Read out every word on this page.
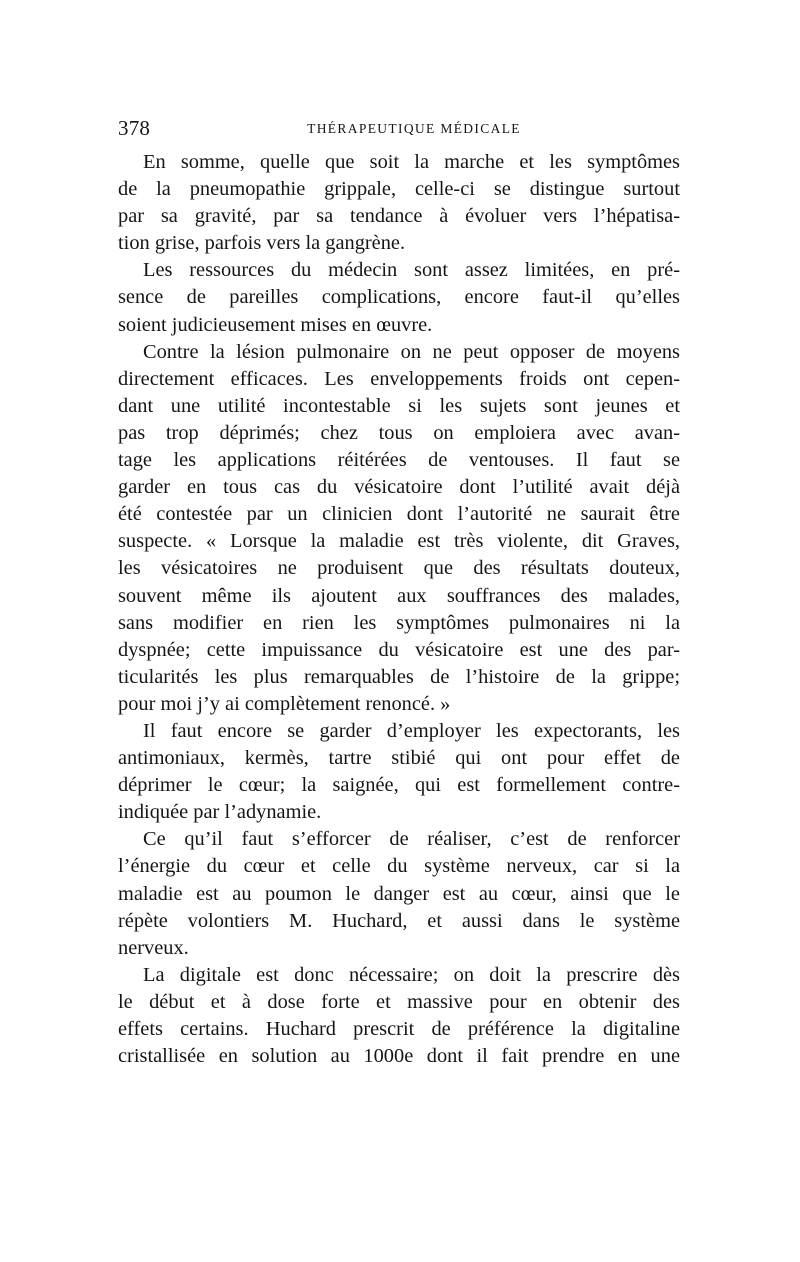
378	THÉRAPEUTIQUE MÉDICALE
En somme, quelle que soit la marche et les symptômes
de la pneumopathie grippale, celle-ci se distingue surtout
par sa gravité, par sa tendance à évoluer vers l’hépatisa-
tion grise, parfois vers la gangrène.
Les ressources du médecin sont assez limitées, en pré-
sence de pareilles complications, encore faut-il qu’elles
soient judicieusement mises en œuvre.
Contre la lésion pulmonaire on ne peut opposer de moyens
directement efficaces. Les enveloppements froids ont cepen-
dant une utilité incontestable si les sujets sont jeunes et
pas trop déprimés; chez tous on emploiera avec avan-
tage les applications réitérées de ventouses. Il faut se
garder en tous cas du vésicatoire dont l’utilité avait déjà
été contestée par un clinicien dont l’autorité ne saurait être
suspecte. « Lorsque la maladie est très violente, dit Graves,
les vésicatoires ne produisent que des résultats douteux,
souvent même ils ajoutent aux souffrances des malades,
sans modifier en rien les symptômes pulmonaires ni la
dyspnée; cette impuissance du vésicatoire est une des par-
ticularités les plus remarquables de l’histoire de la grippe;
pour moi j’y ai complètement renoncé. »
Il faut encore se garder d’employer les expectorants, les
antimoniaux, kermès, tartre stibié qui ont pour effet de
déprimer le cœur; la saignée, qui est formellement contre-
indiquée par l’adynamie.
Ce qu’il faut s’efforcer de réaliser, c’est de renforcer
l’énergie du cœur et celle du système nerveux, car si la
maladie est au poumon le danger est au cœur, ainsi que le
répète volontiers M. Huchard, et aussi dans le système
nerveux.
La digitale est donc nécessaire; on doit la prescrire dès
le début et à dose forte et massive pour en obtenir des
effets certains. Huchard prescrit de préférence la digitaline
cristallisée en solution au 1000e dont il fait prendre en une
